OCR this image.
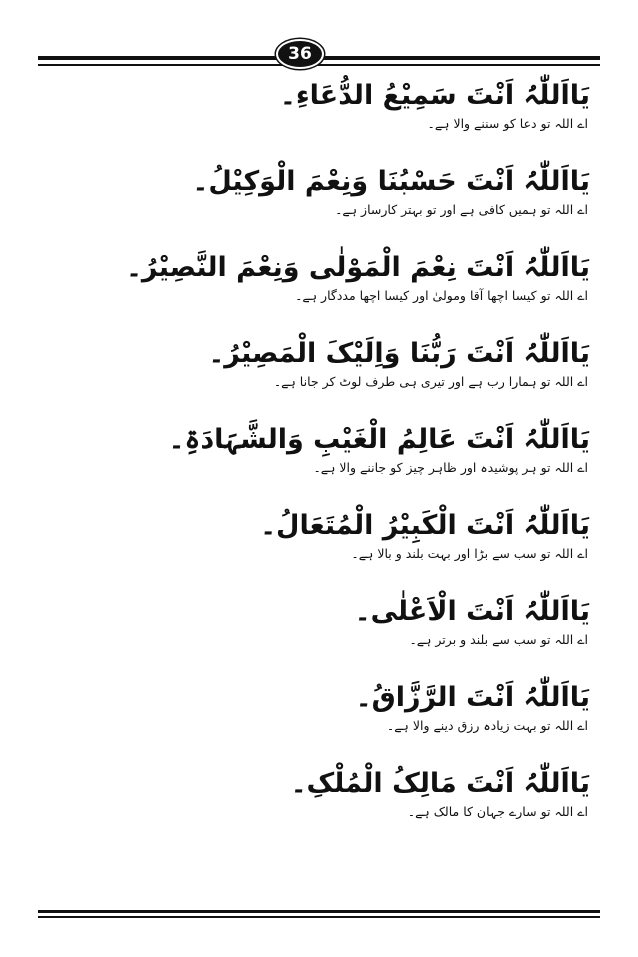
36
یَااَللّٰہُ اَنْتَ سَمِیْعُ الدُّعَاءِ۔
اے اللہ تو دعا کو سننے والا ہے۔
یَااَللّٰہُ اَنْتَ حَسْبُنَا وَنِعْمَ الْوَکِیْلُ۔
اے اللہ تو ہمیں کافی ہے اور تو بہتر کارساز ہے۔
یَااَللّٰہُ اَنْتَ نِعْمَ الْمَوْلٰی وَنِعْمَ النَّصِیْرُ۔
اے اللہ تو کیسا اچھا آقا ومولیٰ اور کیسا اچھا مددگار ہے۔
یَااَللّٰہُ اَنْتَ رَبُّنَا وَاِلَیْکَ الْمَصِیْرُ۔
اے اللہ تو ہمارا رب ہے اور تیری ہی طرف لوٹ کر جانا ہے۔
یَااَللّٰہُ اَنْتَ عَالِمُ الْغَیْبِ وَالشَّہَادَۃِ۔
اے اللہ تو ہر پوشیدہ اور ظاہر چیز کو جاننے والا ہے۔
یَااَللّٰہُ اَنْتَ الْکَبِیْرُ الْمُتَعَالُ۔
اے اللہ تو سب سے بڑا اور بہت بلند و بالا ہے۔
یَااَللّٰہُ اَنْتَ الْاَعْلٰی۔
اے اللہ تو سب سے بلند و برتر ہے۔
یَااَللّٰہُ اَنْتَ الرَّزَّاقُ۔
اے اللہ تو بہت زیادہ رزق دینے والا ہے۔
یَااَللّٰہُ اَنْتَ مَالِکُ الْمُلْکِ۔
اے اللہ تو سارے جہان کا مالک ہے۔
